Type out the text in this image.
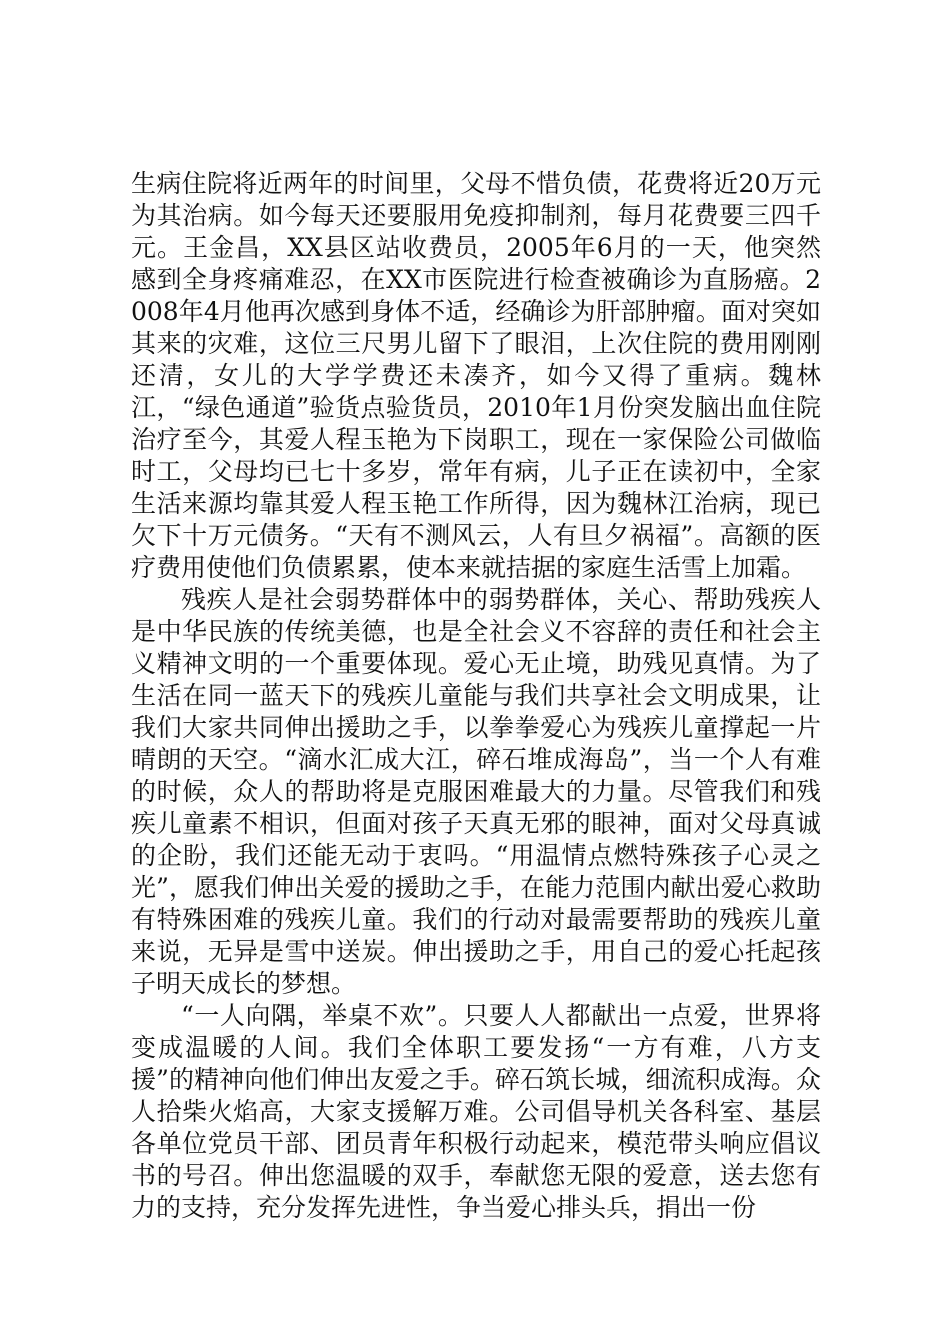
生病住院将近两年的时间里，父母不惜负债，花费将近20万元为其治病。如今每天还要服用免疫抑制剂，每月花费要三四千元。王金昌，XX县区站收费员，2005年6月的一天，他突然感到全身疼痛难忍，在XX市医院进行检查被确诊为直肠癌。2008年4月他再次感到身体不适，经确诊为肝部肿瘤。面对突如其来的灾难，这位三尺男儿留下了眼泪，上次住院的费用刚刚还清，女儿的大学学费还未凑齐，如今又得了重病。魏林江，“绿色通道”验货点验货员，2010年1月份突发脑出血住院治疗至今，其爱人程玉艳为下岗职工，现在一家保险公司做临时工，父母均已七十多岁，常年有病，儿子正在读初中，全家生活来源均靠其爱人程玉艳工作所得，因为魏林江治病，现已欠下十万元债务。“天有不测风云，人有旦夕祸福”。高额的医疗费用使他们负债累累，使本来就拮据的家庭生活雪上加霜。

残疾人是社会弱势群体中的弱势群体，关心、帮助残疾人是中华民族的传统美德，也是全社会义不容辞的责任和社会主义精神文明的一个重要体现。爱心无止境，助残见真情。为了生活在同一蓝天下的残疾儿童能与我们共享社会文明成果，让我们大家共同伸出援助之手，以拳拳爱心为残疾儿童撑起一片晴朗的天空。“滴水汇成大江，碎石堆成海岛”，当一个人有难的时候，众人的帮助将是克服困难最大的力量。尽管我们和残疾儿童素不相识，但面对孩子天真无邪的眼神，面对父母真诚的企盼，我们还能无动于衷吗。“用温情点燃特殊孩子心灵之光”，愿我们伸出关爱的援助之手，在能力范围内献出爱心救助有特殊困难的残疾儿童。我们的行动对最需要帮助的残疾儿童来说，无异是雪中送炭。伸出援助之手，用自己的爱心托起孩子明天成长的梦想。

“一人向隅，举桌不欢”。只要人人都献出一点爱，世界将变成温暖的人间。我们全体职工要发扬“一方有难，八方支援”的精神向他们伸出友爱之手。碎石筑长城，细流积成海。众人拾柴火焰高，大家支援解万难。公司倡导机关各科室、基层各单位党员干部、团员青年积极行动起来，模范带头响应倡议书的号召。伸出您温暖的双手，奉献您无限的爱意，送去您有力的支持，充分发挥先进性，争当爱心排头兵，捐出一份
